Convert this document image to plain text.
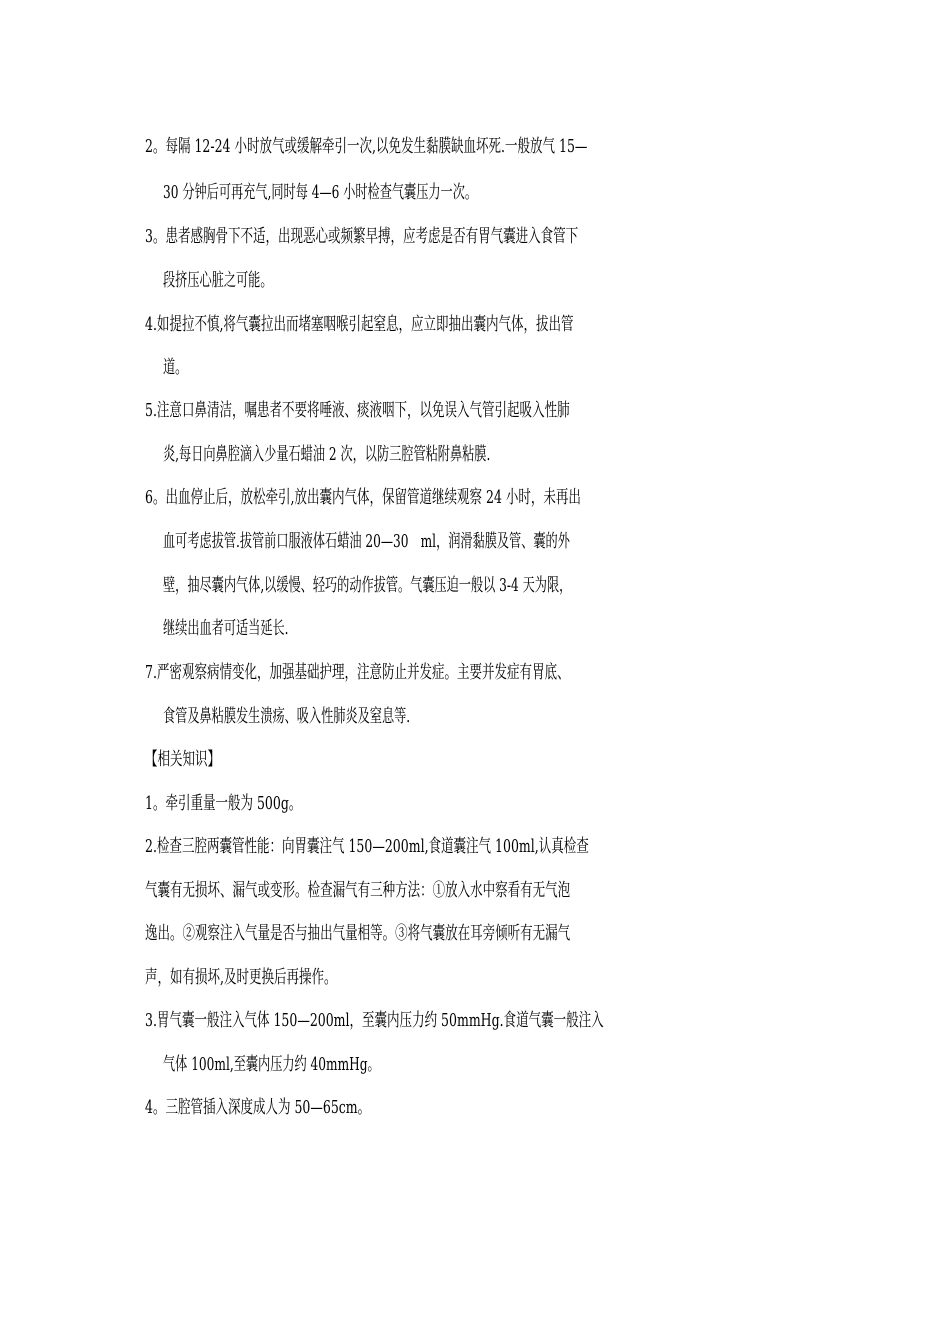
2。每隔 12-24 小时放气或缓解牵引一次,以免发生黏膜缺血坏死.一般放气 15—

30 分钟后可再充气,同时每 4—6 小时检查气囊压力一次。

3。患者感胸骨下不适，出现恶心或频繁早搏，应考虑是否有胃气囊进入食管下

段挤压心脏之可能。

4.如提拉不慎,将气囊拉出而堵塞咽喉引起窒息，应立即抽出囊内气体，拔出管

道。

5.注意口鼻清洁，嘱患者不要将唾液、痰液咽下，以免误入气管引起吸入性肺

炎,每日向鼻腔滴入少量石蜡油 2 次，以防三腔管粘附鼻粘膜.

6。出血停止后，放松牵引,放出囊内气体，保留管道继续观察 24 小时，未再出

血可考虑拔管.拔管前口服液体石蜡油 20—30　ml，润滑黏膜及管、囊的外

壁，抽尽囊内气体,以缓慢、轻巧的动作拔管。气囊压迫一般以 3-4 天为限，

继续出血者可适当延长.

7.严密观察病情变化，加强基础护理，注意防止并发症。主要并发症有胃底、

食管及鼻粘膜发生溃疡、吸入性肺炎及窒息等.

【相关知识】

1。牵引重量一般为 500g。

2.检查三腔两囊管性能：向胃囊注气 150—200ml,食道囊注气 100ml,认真检查

气囊有无损坏、漏气或变形。检查漏气有三种方法：①放入水中察看有无气泡

逸出。②观察注入气量是否与抽出气量相等。③将气囊放在耳旁倾听有无漏气

声，如有损坏,及时更换后再操作。

3.胃气囊一般注入气体 150—200ml，至囊内压力约 50mmHg.食道气囊一般注入

气体 100ml,至囊内压力约 40mmHg。

4。三腔管插入深度成人为 50—65cm。
